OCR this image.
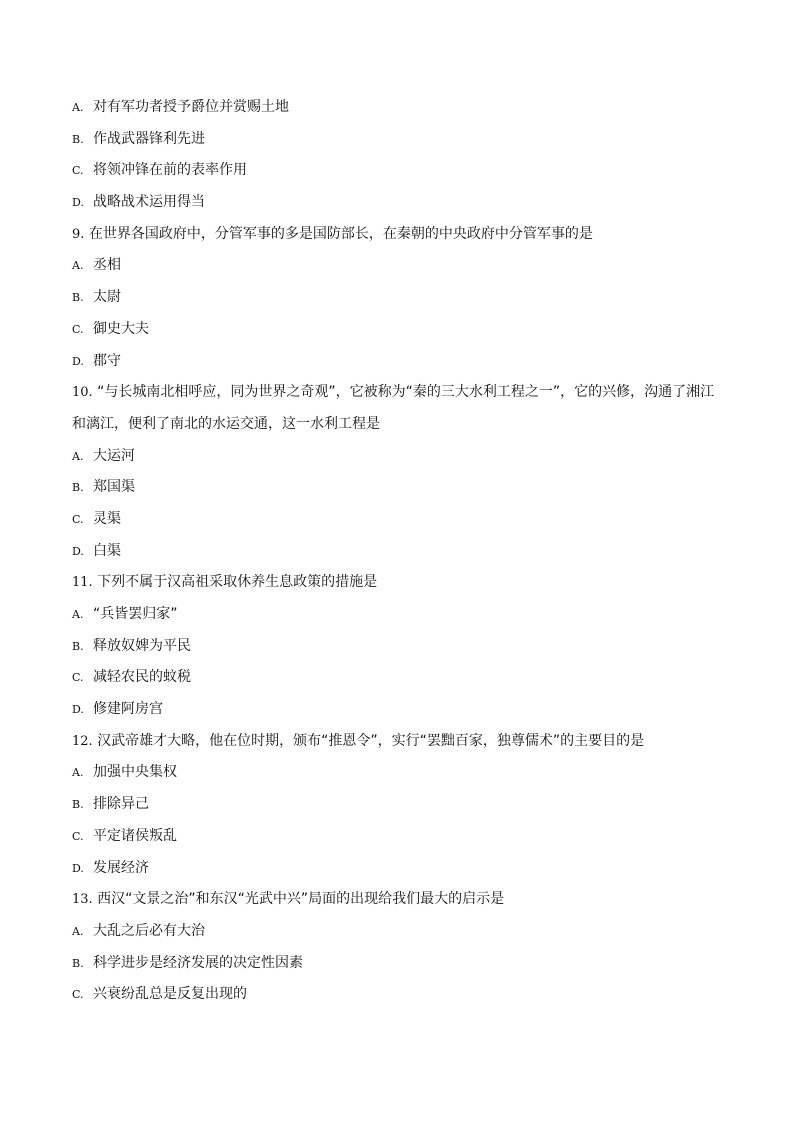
A. 对有军功者授予爵位并赏赐土地
B. 作战武器锋利先进
C. 将领冲锋在前的表率作用
D. 战略战术运用得当
9. 在世界各国政府中，分管军事的多是国防部长，在秦朝的中央政府中分管军事的是
A. 丞相
B. 太尉
C. 御史大夫
D. 郡守
10. “与长城南北相呼应，同为世界之奇观”，它被称为“秦的三大水利工程之一”，它的兴修，沟通了湘江
和漓江，便利了南北的水运交通，这一水利工程是
A. 大运河
B. 郑国渠
C. 灵渠
D. 白渠
11. 下列不属于汉高祖采取休养生息政策的措施是
A. “兵皆罢归家”
B. 释放奴婢为平民
C. 减轻农民的蚊税
D. 修建阿房宫
12. 汉武帝雄才大略，他在位时期，颁布“推恩令”，实行“罢黜百家，独尊儒术”的主要目的是
A. 加强中央集权
B. 排除异己
C. 平定诸侯叛乱
D. 发展经济
13. 西汉“文景之治”和东汉“光武中兴”局面的出现给我们最大的启示是
A. 大乱之后必有大治
B. 科学进步是经济发展的决定性因素
C. 兴衰纷乱总是反复出现的
